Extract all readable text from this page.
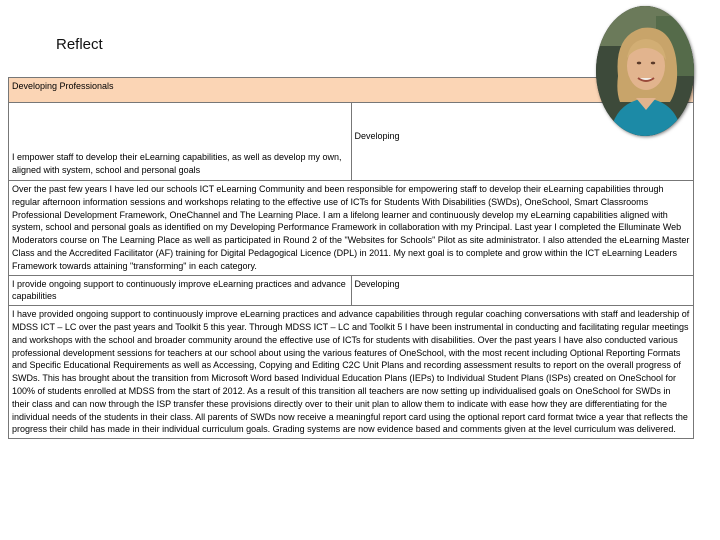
Reflect
Developing Professionals	
I empower staff to develop their eLearning capabilities, as well as develop my own, aligned with system, school and personal goals	Developing

Over the past few years I have led our schools ICT eLearning Community and been responsible for empowering staff to develop their eLearning capabilities through regular afternoon information sessions and workshops relating to the effective use of ICTs for Students With Disabilities (SWDs), OneSchool, Smart Classrooms Professional Development Framework, OneChannel and The Learning Place. I am a lifelong learner and continuously develop my eLearning capabilities aligned with system, school and personal goals as identified on my Developing Performance Framework in collaboration with my Principal. Last year I completed the Elluminate Web Moderators course on The Learning Place as well as participated in Round 2 of the "Websites for Schools" Pilot as site administrator. I also attended the eLearning Master Class and the Accredited Facilitator (AF) training for Digital Pedagogical Licence (DPL) in 2011. My next goal is to complete and grow within the ICT eLearning Leaders Framework towards attaining "transforming" in each category.	

I provide ongoing support to continuously improve eLearning practices and advance capabilities	Developing

I have provided ongoing support to continuously improve eLearning practices and advance capabilities through regular coaching conversations with staff and leadership of MDSS ICT – LC over the past years and Toolkit 5 this year. Through MDSS ICT – LC and Toolkit 5 I have been instrumental in conducting and facilitating regular meetings and workshops with the school and broader community around the effective use of ICTs for students with disabilities. Over the past years I have also conducted various professional development sessions for teachers at our school about using the various features of OneSchool, with the most recent including Optional Reporting Formats and Specific Educational Requirements as well as Accessing, Copying and Editing C2C Unit Plans and recording assessment results to report on the overall progress of SWDs. This has brought about the transition from Microsoft Word based Individual Education Plans (IEPs) to Individual Student Plans (ISPs) created on OneSchool for 100% of students enrolled at MDSS from the start of 2012. As a result of this transition all teachers are now setting up individualised goals on OneSchool for SWDs in their class and can now through the ISP transfer these provisions directly over to their unit plan to allow them to indicate with ease how they are differentiating for the individual needs of the students in their class. All parents of SWDs now receive a meaningful report card using the optional report card format twice a year that reflects the progress their child has made in their individual curriculum goals. Grading systems are now evidence based and comments given at the level curriculum was delivered.	
